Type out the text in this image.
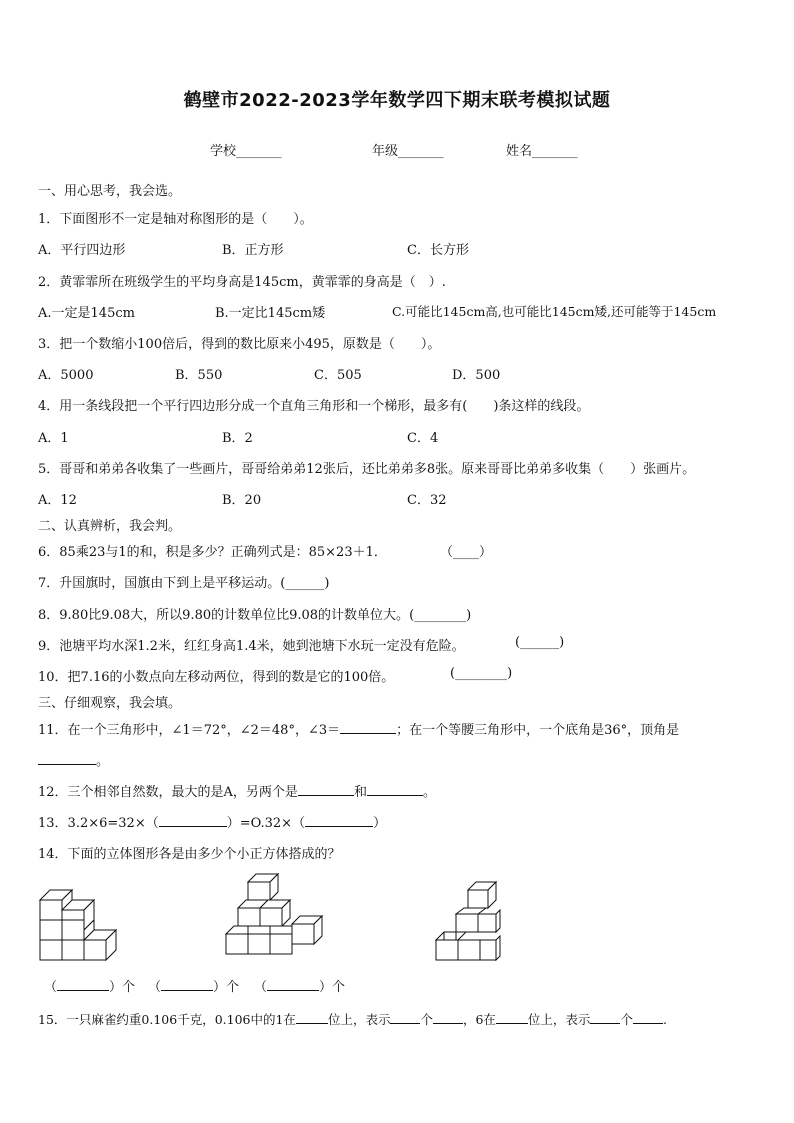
鹤壁市2022-2023学年数学四下期末联考模拟试题
学校_______	年级_______	姓名_______
一、用心思考，我会选。
1．下面图形不一定是轴对称图形的是（　　）。
A．平行四边形	B．正方形	C．长方形
2．黄霏霏所在班级学生的平均身高是145cm，黄霏霏的身高是（　）.
A.一定是145cm	B.一定比145cm矮	C.可能比145cm高,也可能比145cm矮,还可能等于145cm
3．把一个数缩小100倍后，得到的数比原来小495，原数是（　　）。
A．5000	B．550	C．505	D．500
4．用一条线段把一个平行四边形分成一个直角三角形和一个梯形，最多有(　　)条这样的线段。
A．1	B．2	C．4
5．哥哥和弟弟各收集了一些画片，哥哥给弟弟12张后，还比弟弟多8张。原来哥哥比弟弟多收集（　　）张画片。
A．12	B．20	C．32
二、认真辨析，我会判。
6．85乘23与1的和，积是多少？正确列式是：85×23＋1．	（____）
7．升国旗时，国旗由下到上是平移运动。(______)
8．9.80比9.08大，所以9.80的计数单位比9.08的计数单位大。(________)
9．池塘平均水深1.2米，红红身高1.4米，她到池塘下水玩一定没有危险。	(______)
10．把7.16的小数点向左移动两位，得到的数是它的100倍。	(________)
三、仔细观察，我会填。
11．在一个三角形中，∠1＝72°，∠2＝48°，∠3＝	；在一个等腰三角形中，一个底角是36°，顶角是
。
12．三个相邻自然数，最大的是A，另两个是	和	。
13．3.2×6=32×（	）=O.32×（	）
14．下面的立体图形各是由多少个小正方体搭成的？
（	）个 （	）个 （	）个
15．一只麻雀约重0.106千克，0.106中的1在	位上，表示 个 ，6在	位上，表示 个 .
